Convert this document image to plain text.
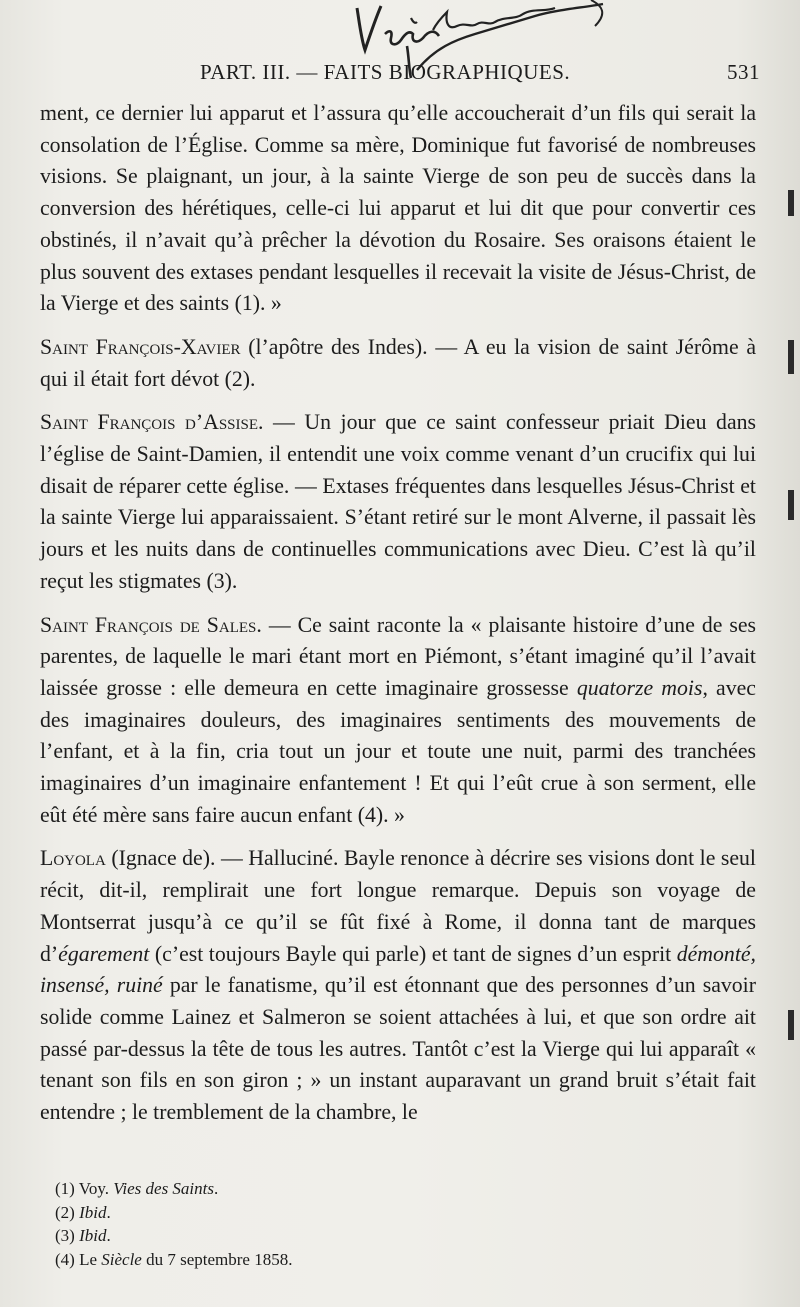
PART. III. — FAITS BIOGRAPHIQUES.	531

ment, ce dernier lui apparut et l’assura qu’elle accoucherait d’un fils qui serait la consolation de l’Église. Comme sa mère, Dominique fut favorisé de nombreuses visions. Se plaignant, un jour, à la sainte Vierge de son peu de succès dans la conversion des hérétiques, celle-ci lui apparut et lui dit que pour convertir ces obstinés, il n’avait qu’à prêcher la dévotion du Rosaire. Ses oraisons étaient le plus souvent des extases pendant lesquelles il recevait la visite de Jésus-Christ, de la Vierge et des saints (1). »

Saint François-Xavier (l’apôtre des Indes). — A eu la vision de saint Jérôme à qui il était fort dévot (2).

Saint François d’Assise. — Un jour que ce saint confesseur priait Dieu dans l’église de Saint-Damien, il entendit une voix comme venant d’un crucifix qui lui disait de réparer cette église. — Extases fréquentes dans lesquelles Jésus-Christ et la sainte Vierge lui apparaissaient. S’étant retiré sur le mont Alverne, il passait lès jours et les nuits dans de continuelles communications avec Dieu. C’est là qu’il reçut les stigmates (3).

Saint François de Sales. — Ce saint raconte la « plaisante histoire d’une de ses parentes, de laquelle le mari étant mort en Piémont, s’étant imaginé qu’il l’avait laissée grosse : elle demeura en cette imaginaire grossesse quatorze mois, avec des imaginaires douleurs, des imaginaires sentiments des mouvements de l’enfant, et à la fin, cria tout un jour et toute une nuit, parmi des tranchées imaginaires d’un imaginaire enfantement ! Et qui l’eût crue à son serment, elle eût été mère sans faire aucun enfant (4). »

Loyola (Ignace de). — Halluciné. Bayle renonce à décrire ses visions dont le seul récit, dit-il, remplirait une fort longue remarque. Depuis son voyage de Montserrat jusqu’à ce qu’il se fût fixé à Rome, il donna tant de marques d’égarement (c’est toujours Bayle qui parle) et tant de signes d’un esprit démonté, insensé, ruiné par le fanatisme, qu’il est étonnant que des personnes d’un savoir solide comme Lainez et Salmeron se soient attachées à lui, et que son ordre ait passé par-dessus la tête de tous les autres. Tantôt c’est la Vierge qui lui apparaît « tenant son fils en son giron ; » un instant auparavant un grand bruit s’était fait entendre ; le tremblement de la chambre, le

(1) Voy. Vies des Saints.
(2) Ibid.
(3) Ibid.
(4) Le Siècle du 7 septembre 1858.
